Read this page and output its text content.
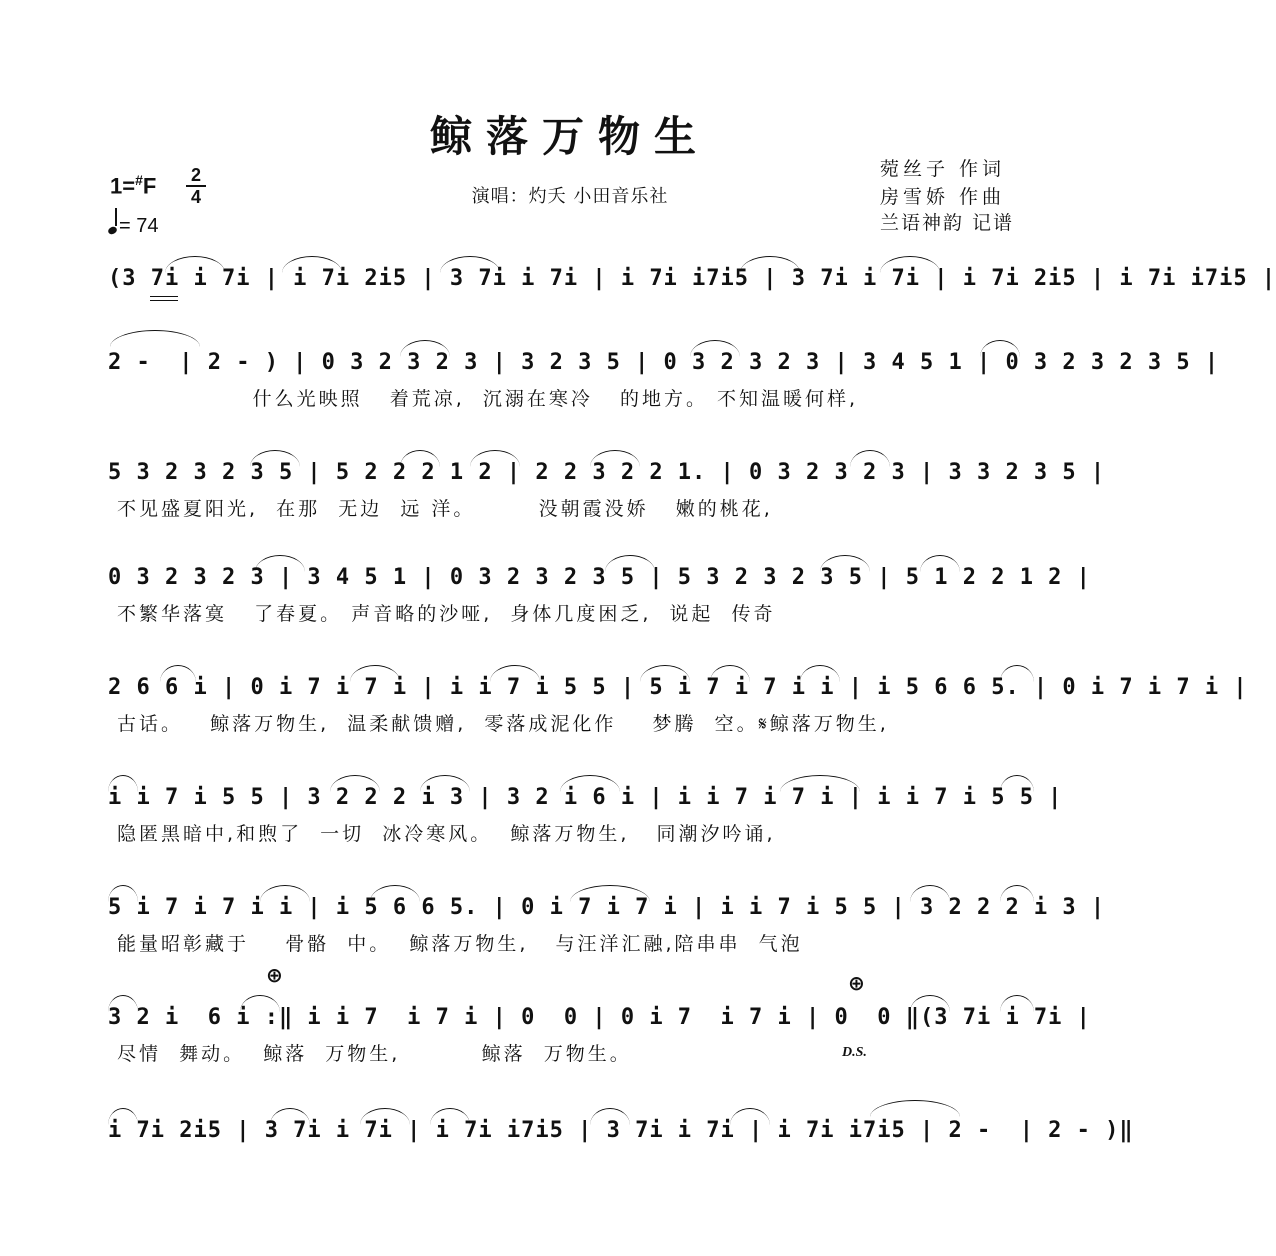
鲸落万物生
1=#F 2
4
= 74
演唱：灼夭 小田音乐社
菀丝子 作词
房雪娇 作曲
兰语神韵 记谱
(3 7i i 7i | i 7i 2i5 | 3 7i i 7i | i 7i i7i5 | 3 7i i 7i | i 7i 2i5 | i 7i i7i5 |
2 -  | 2 - ) | 0 3 2 3 2 3 | 3 2 3 5 | 0 3 2 3 2 3 | 3 4 5 1 | 0 3 2 3 2 3 5 |
什么光映照   着荒凉,  沉溺在寒冷   的地方。 不知温暖何样,
5 3 2 3 2 3 5 | 5 2 2 2 1 2 | 2 2 3 2 2 1. | 0 3 2 3 2 3 | 3 3 2 3 5 |
不见盛夏阳光,  在那  无边  远 洋。       没朝霞没娇   嫩的桃花,
0 3 2 3 2 3 | 3 4 5 1 | 0 3 2 3 2 3 5 | 5 3 2 3 2 3 5 | 5 1 2 2 1 2 |
不繁华落寞   了春夏。 声音略的沙哑,  身体几度困乏,  说起  传奇
2 6 6 i | 0 i 7 i 7 i | i i 7 i 5 5 | 5 i 7 i 7 i i | i 5 6 6 5. | 0 i 7 i 7 i |
古话。   鲸落万物生,  温柔献馈赠,  零落成泥化作    梦腾  空。𝄋鲸落万物生,
i i 7 i 5 5 | 3 2 2 2 i 3 | 3 2 i 6 i | i i 7 i 7 i | i i 7 i 5 5 |
隐匿黑暗中,和煦了  一切  冰冷寒风。  鲸落万物生,   同潮汐吟诵,
5 i 7 i 7 i i | i 5 6 6 5. | 0 i 7 i 7 i | i i 7 i 5 5 | 3 2 2 2 i 3 |
能量昭彰藏于    骨骼  中。  鲸落万物生,   与汪洋汇融,陪串串  气泡
3 2 i  6 i :‖ i i 7  i 7 i | 0  0 | 0 i 7  i 7 i | 0  0 ‖(3 7i i 7i |
尽情  舞动。  鲸落  万物生,         鲸落  万物生。
⊕	⊕
D.S.
i 7i 2i5 | 3 7i i 7i | i 7i i7i5 | 3 7i i 7i | i 7i i7i5 | 2 -  | 2 - )‖
